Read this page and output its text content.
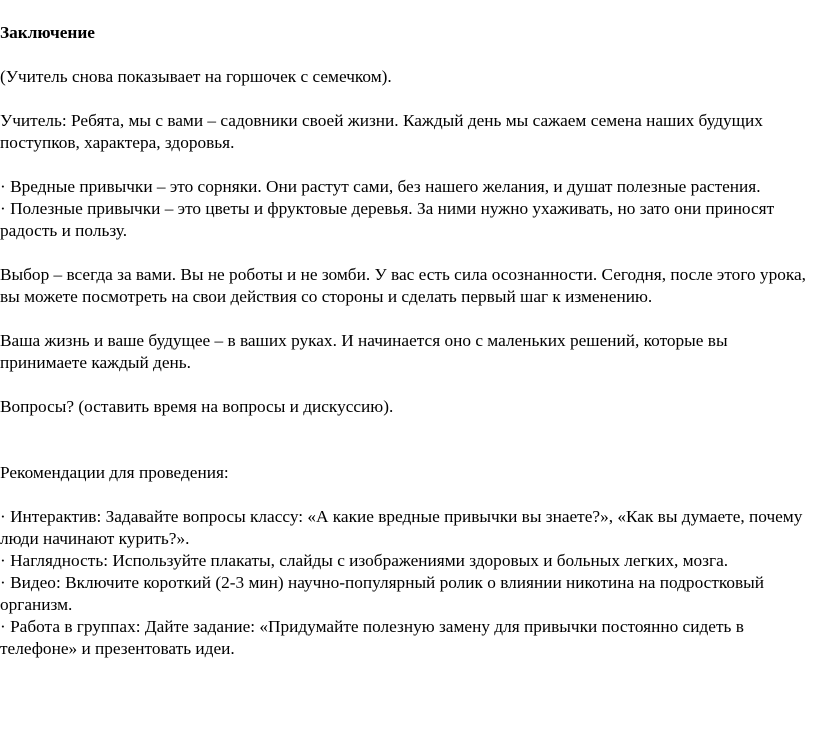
Заключение

(Учитель снова показывает на горшочек с семечком).

Учитель: Ребята, мы с вами – садовники своей жизни. Каждый день мы сажаем семена наших будущих поступков, характера, здоровья.

· Вредные привычки – это сорняки. Они растут сами, без нашего желания, и душат полезные растения.

· Полезные привычки – это цветы и фруктовые деревья. За ними нужно ухаживать, но зато они приносят радость и пользу.

Выбор – всегда за вами. Вы не роботы и не зомби. У вас есть сила осознанности. Сегодня, после этого урока, вы можете посмотреть на свои действия со стороны и сделать первый шаг к изменению.

Ваша жизнь и ваше будущее – в ваших руках. И начинается оно с маленьких решений, которые вы принимаете каждый день.

Вопросы? (оставить время на вопросы и дискуссию).

Рекомендации для проведения:

· Интерактив: Задавайте вопросы классу: «А какие вредные привычки вы знаете?», «Как вы думаете, почему люди начинают курить?».

· Наглядность: Используйте плакаты, слайды с изображениями здоровых и больных легких, мозга.

· Видео: Включите короткий (2-3 мин) научно-популярный ролик о влиянии никотина на подростковый организм.

· Работа в группах: Дайте задание: «Придумайте полезную замену для привычки постоянно сидеть в телефоне» и презентовать идеи.
